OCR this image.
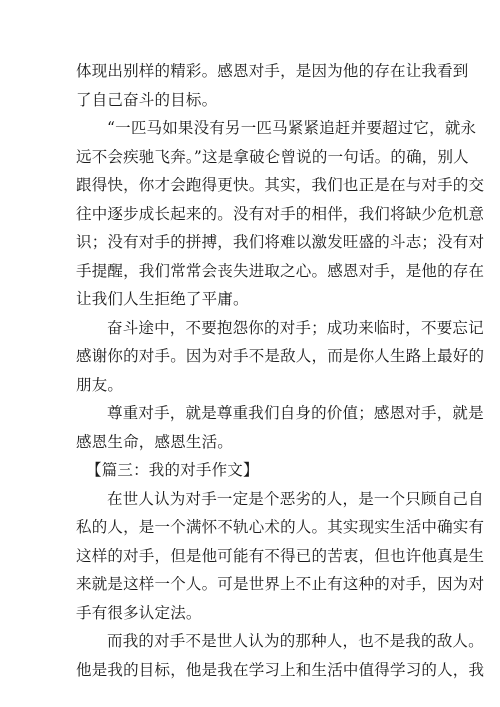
体现出别样的精彩。感恩对手，是因为他的存在让我看到
了自己奋斗的目标。
“一匹马如果没有另一匹马紧紧追赶并要超过它，就永
远不会疾驰飞奔。”这是拿破仑曾说的一句话。的确，别人
跟得快，你才会跑得更快。其实，我们也正是在与对手的交
往中逐步成长起来的。没有对手的相伴，我们将缺少危机意
识；没有对手的拼搏，我们将难以激发旺盛的斗志；没有对
手提醒，我们常常会丧失进取之心。感恩对手，是他的存在
让我们人生拒绝了平庸。
奋斗途中，不要抱怨你的对手；成功来临时，不要忘记
感谢你的对手。因为对手不是敌人，而是你人生路上最好的
朋友。
尊重对手，就是尊重我们自身的价值；感恩对手，就是
感恩生命，感恩生活。
【篇三：我的对手作文】
在世人认为对手一定是个恶劣的人，是一个只顾自己自
私的人，是一个满怀不轨心术的人。其实现实生活中确实有
这样的对手，但是他可能有不得已的苦衷，但也许他真是生
来就是这样一个人。可是世界上不止有这种的对手，因为对
手有很多认定法。
而我的对手不是世人认为的那种人，也不是我的敌人。
他是我的目标，他是我在学习上和生活中值得学习的人，我
